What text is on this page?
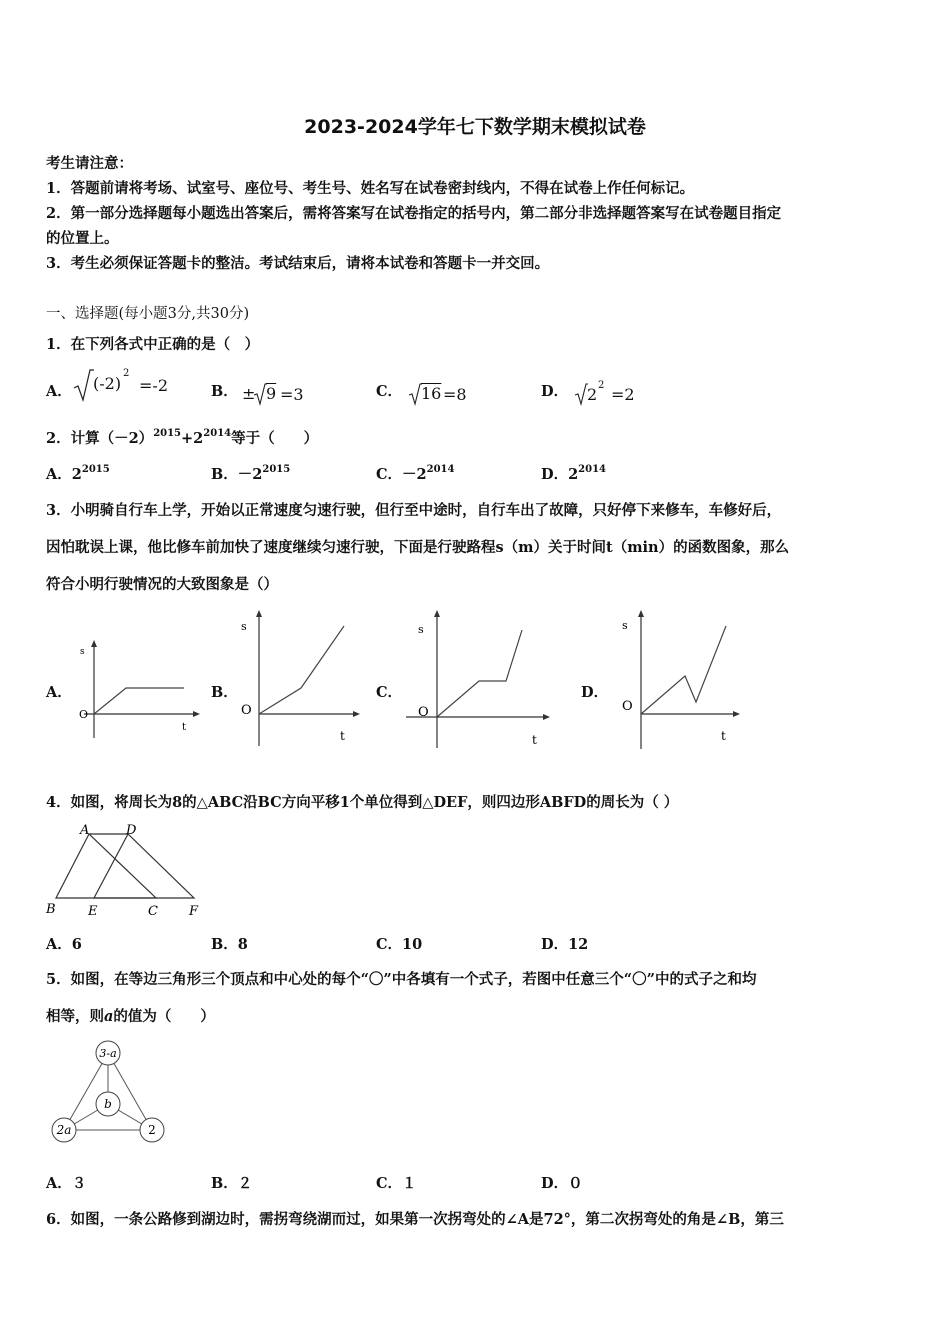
2023-2024学年七下数学期末模拟试卷
考生请注意：
1．答题前请将考场、试室号、座位号、考生号、姓名写在试卷密封线内，不得在试卷上作任何标记。
2．第一部分选择题每小题选出答案后，需将答案写在试卷指定的括号内，第二部分非选择题答案写在试卷题目指定
的位置上。
3．考生必须保证答题卡的整洁。考试结束后，请将本试卷和答题卡一并交回。
一、选择题(每小题3分,共30分)
1．在下列各式中正确的是（　）
A．	B．	C．	D．
(-2)
2
=-2	± 9 =3	16 =8	2 2 =2
2．计算$(-2)^{2015}+2^{2014}$等于（　　）
A．$2^{2015}$	B．$-2^{2015}$	C．$-2^{2014}$	D．$2^{2014}$
3．小明骑自行车上学，开始以正常速度匀速行驶，但行至中途时，自行车出了故障，只好停下来修车，车修好后，
因怕耽误上课，他比修车前加快了速度继续匀速行驶，下面是行驶路程s（m）关于时间t（min）的函数图象，那么
符合小明行驶情况的大致图象是（）
A．	B．	C．	D．
s
t
O
s
t
O
s
t
O
s
t
O
4．如图，将周长为8的△ABC沿BC方向平移1个单位得到△DEF，则四边形ABFD的周长为（ ）
A	D
B E	C F
A．6	B．8	C．10	D．12
5．如图，在等边三角形三个顶点和中心处的每个“〇”中各填有一个式子，若图中任意三个“〇”中的式子之和均
相等，则a的值为（　　）
3-a
b
2a	2
A．３	B．２	C．１	D．０
6．如图，一条公路修到湖边时，需拐弯绕湖而过，如果第一次拐弯处的∠A是72°，第二次拐弯处的角是∠B，第三
